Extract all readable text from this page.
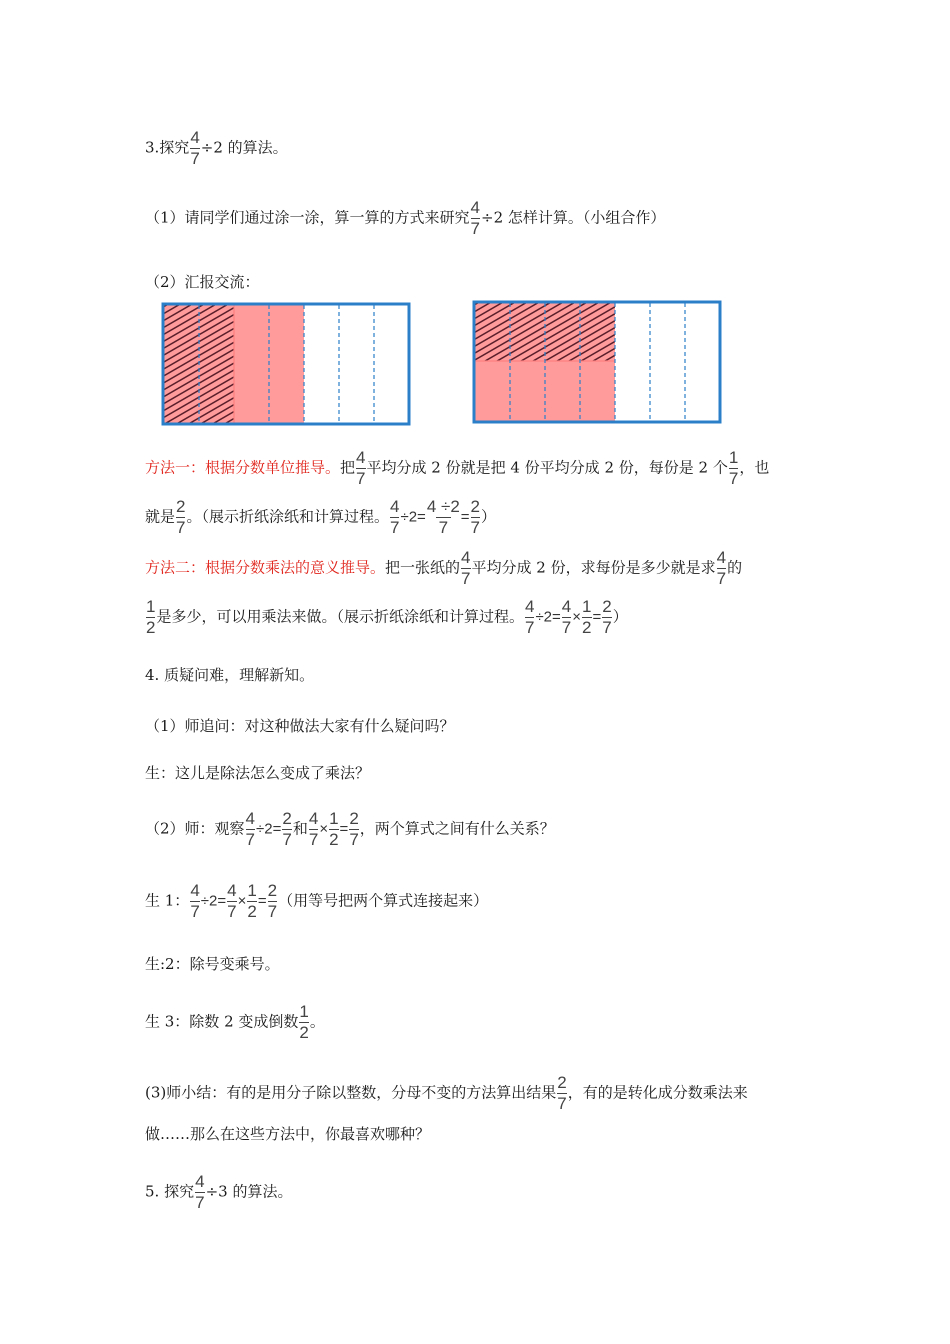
3.探究 $\frac{4}{7} \div 2$ 的算法。
（1）请同学们通过涂一涂，算一算的方式来研究 $\frac{4}{7} \div 2$ 怎样计算。（小组合作）
（2）汇报交流：
方法一：根据分数单位推导。把 $\frac{4}{7}$ 平均分成 2 份就是把 4 份平均分成 2 份，每份是 2 个 $\frac{1}{7}$ ，也
就是 $\frac{2}{7}$ 。（展示折纸涂纸和计算过程。 $\frac{4}{7} \div 2= \frac{4 \div 2}{7} = \frac{2}{7}$ ）
方法二：根据分数乘法的意义推导。把一张纸的 $\frac{4}{7}$ 平均分成 2 份，求每份是多少就是求 $\frac{4}{7}$ 的
$\frac{1}{2}$ 是多少，可以用乘法来做。（展示折纸涂纸和计算过程。 $\frac{4}{7} \div 2= \frac{4}{7} \times \frac{1}{2} = \frac{2}{7}$ ）
4. 质疑问难，理解新知。
（1）师追问：对这种做法大家有什么疑问吗？
生：这儿是除法怎么变成了乘法？
（2）师：观察 $\frac{4}{7} \div 2= \frac{2}{7}$ 和 $\frac{4}{7} \times \frac{1}{2} = \frac{2}{7}$ ，两个算式之间有什么关系？
生 1： $\frac{4}{7} \div 2= \frac{4}{7} \times \frac{1}{2} = \frac{2}{7}$ （用等号把两个算式连接起来）
生:2：除号变乘号。
生 3：除数 2 变成倒数 $\frac{1}{2}$ 。
(3)师小结：有的是用分子除以整数，分母不变的方法算出结果 $\frac{2}{7}$ ，有的是转化成分数乘法来
做……那么在这些方法中，你最喜欢哪种？
5. 探究 $\frac{4}{7} \div 3$ 的算法。
